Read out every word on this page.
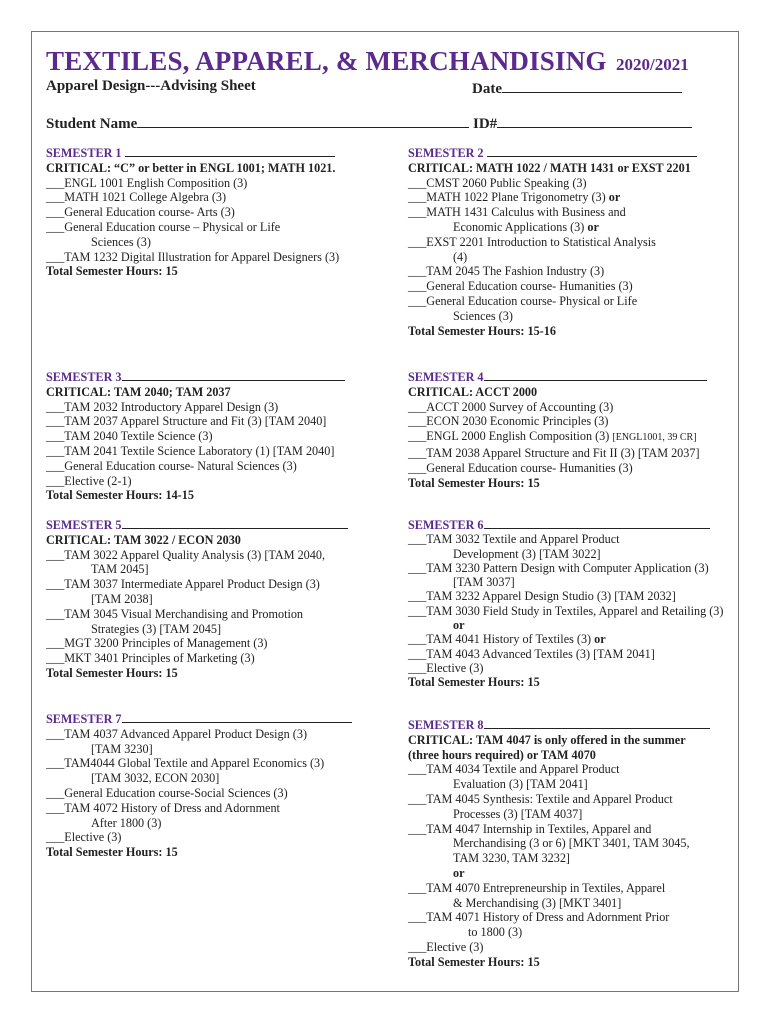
TEXTILES, APPAREL, & MERCHANDISING 2020/2021
Apparel Design---Advising Sheet	Date
Student Name	ID#
SEMESTER 1
CRITICAL: “C” or better in ENGL 1001; MATH 1021.
___ENGL 1001 English Composition (3)
___MATH 1021 College Algebra (3)
___General Education course- Arts (3)
___General Education course – Physical or Life
Sciences (3)
___TAM 1232 Digital Illustration for Apparel Designers (3)
Total Semester Hours: 15
SEMESTER 2
CRITICAL: MATH 1022 / MATH 1431 or EXST 2201
___CMST 2060 Public Speaking (3)
___MATH 1022 Plane Trigonometry (3) or
___MATH 1431 Calculus with Business and
Economic Applications (3) or
___EXST 2201 Introduction to Statistical Analysis
(4)
___TAM 2045 The Fashion Industry (3)
___General Education course- Humanities (3)
___General Education course- Physical or Life
Sciences (3)
Total Semester Hours: 15-16
SEMESTER 3
CRITICAL: TAM 2040; TAM 2037
___TAM 2032 Introductory Apparel Design (3)
___TAM 2037 Apparel Structure and Fit (3) [TAM 2040]
___TAM 2040 Textile Science (3)
___TAM 2041 Textile Science Laboratory (1) [TAM 2040]
___General Education course- Natural Sciences (3)
___Elective (2-1)
Total Semester Hours: 14-15
SEMESTER 4
CRITICAL: ACCT 2000
___ACCT 2000 Survey of Accounting (3)
___ECON 2030 Economic Principles (3)
___ENGL 2000 English Composition (3) [ENGL1001, 39 CR]
___TAM 2038 Apparel Structure and Fit II (3) [TAM 2037]
___General Education course- Humanities (3)
Total Semester Hours: 15
SEMESTER 5
CRITICAL: TAM 3022 / ECON 2030
___TAM 3022 Apparel Quality Analysis (3) [TAM 2040,
TAM 2045]
___TAM 3037 Intermediate Apparel Product Design (3)
[TAM 2038]
___TAM 3045 Visual Merchandising and Promotion
Strategies (3) [TAM 2045]
___MGT 3200 Principles of Management (3)
___MKT 3401 Principles of Marketing (3)
Total Semester Hours: 15
SEMESTER 6
___TAM 3032 Textile and Apparel Product
Development (3) [TAM 3022]
___TAM 3230 Pattern Design with Computer Application (3)
[TAM 3037]
___TAM 3232 Apparel Design Studio (3) [TAM 2032]
___TAM 3030 Field Study in Textiles, Apparel and Retailing (3)
or
___TAM 4041 History of Textiles (3) or
___TAM 4043 Advanced Textiles (3) [TAM 2041]
___Elective (3)
Total Semester Hours: 15
SEMESTER 7
___TAM 4037 Advanced Apparel Product Design (3)
[TAM 3230]
___TAM4044 Global Textile and Apparel Economics (3)
[TAM 3032, ECON 2030]
___General Education course-Social Sciences (3)
___TAM 4072 History of Dress and Adornment
After 1800 (3)
___Elective (3)
Total Semester Hours: 15
SEMESTER 8
CRITICAL: TAM 4047 is only offered in the summer
(three hours required) or TAM 4070
___TAM 4034 Textile and Apparel Product
Evaluation (3) [TAM 2041]
___TAM 4045 Synthesis: Textile and Apparel Product
Processes (3) [TAM 4037]
___TAM 4047 Internship in Textiles, Apparel and
Merchandising (3 or 6) [MKT 3401, TAM 3045,
TAM 3230, TAM 3232]
or
___TAM 4070 Entrepreneurship in Textiles, Apparel
& Merchandising (3) [MKT 3401]
___TAM 4071 History of Dress and Adornment Prior
to 1800 (3)
___Elective (3)
Total Semester Hours: 15
